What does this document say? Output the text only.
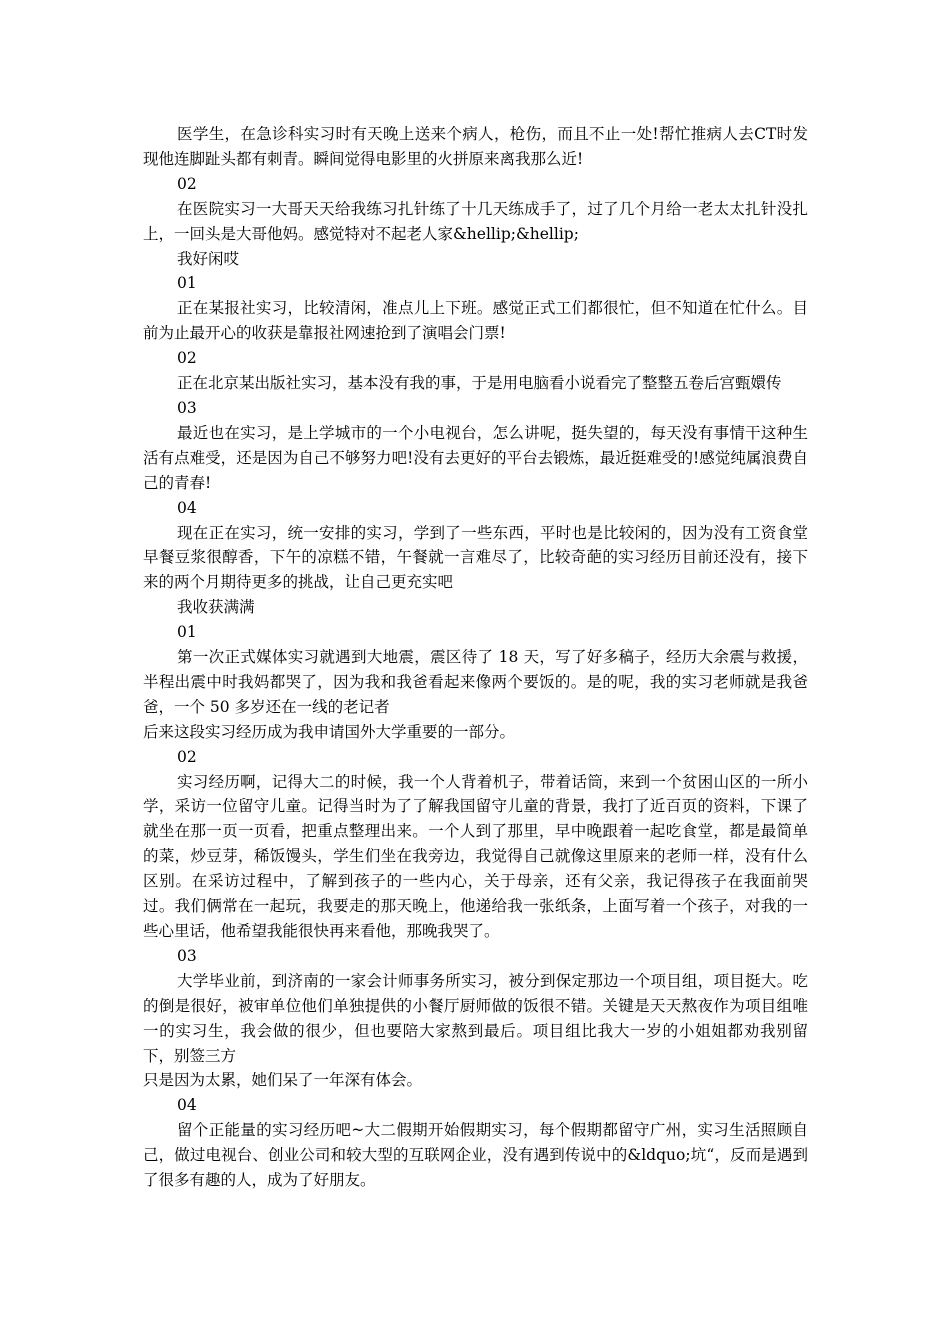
医学生，在急诊科实习时有天晚上送来个病人，枪伤，而且不止一处!帮忙推病人去CT时发现他连脚趾头都有刺青。瞬间觉得电影里的火拼原来离我那么近!

02

在医院实习一大哥天天给我练习扎针练了十几天练成手了，过了几个月给一老太太扎针没扎上，一回头是大哥他妈。感觉特对不起老人家&hellip;&hellip;

我好闲哎

01

正在某报社实习，比较清闲，准点儿上下班。感觉正式工们都很忙，但不知道在忙什么。目前为止最开心的收获是靠报社网速抢到了演唱会门票!

02

正在北京某出版社实习，基本没有我的事，于是用电脑看小说看完了整整五卷后宫甄嬛传

03

最近也在实习，是上学城市的一个小电视台，怎么讲呢，挺失望的，每天没有事情干这种生活有点难受，还是因为自己不够努力吧!没有去更好的平台去锻炼，最近挺难受的!感觉纯属浪费自己的青春!

04

现在正在实习，统一安排的实习，学到了一些东西，平时也是比较闲的，因为没有工资食堂早餐豆浆很醇香，下午的凉糕不错，午餐就一言难尽了，比较奇葩的实习经历目前还没有，接下来的两个月期待更多的挑战，让自己更充实吧

我收获满满

01

第一次正式媒体实习就遇到大地震，震区待了 18 天，写了好多稿子，经历大余震与救援，半程出震中时我妈都哭了，因为我和我爸看起来像两个要饭的。是的呢，我的实习老师就是我爸爸，一个 50 多岁还在一线的老记者

后来这段实习经历成为我申请国外大学重要的一部分。

02

实习经历啊，记得大二的时候，我一个人背着机子，带着话筒，来到一个贫困山区的一所小学，采访一位留守儿童。记得当时为了了解我国留守儿童的背景，我打了近百页的资料，下课了就坐在那一页一页看，把重点整理出来。一个人到了那里，早中晚跟着一起吃食堂，都是最简单的菜，炒豆芽，稀饭馒头，学生们坐在我旁边，我觉得自己就像这里原来的老师一样，没有什么区别。在采访过程中，了解到孩子的一些内心，关于母亲，还有父亲，我记得孩子在我面前哭过。我们俩常在一起玩，我要走的那天晚上，他递给我一张纸条，上面写着一个孩子，对我的一些心里话，他希望我能很快再来看他，那晚我哭了。

03

大学毕业前，到济南的一家会计师事务所实习，被分到保定那边一个项目组，项目挺大。吃的倒是很好，被审单位他们单独提供的小餐厅厨师做的饭很不错。关键是天天熬夜作为项目组唯一的实习生，我会做的很少，但也要陪大家熬到最后。项目组比我大一岁的小姐姐都劝我别留下，别签三方

只是因为太累，她们呆了一年深有体会。

04

留个正能量的实习经历吧~大二假期开始假期实习，每个假期都留守广州，实习生活照顾自己，做过电视台、创业公司和较大型的互联网企业，没有遇到传说中的&ldquo;坑“，反而是遇到了很多有趣的人，成为了好朋友。
